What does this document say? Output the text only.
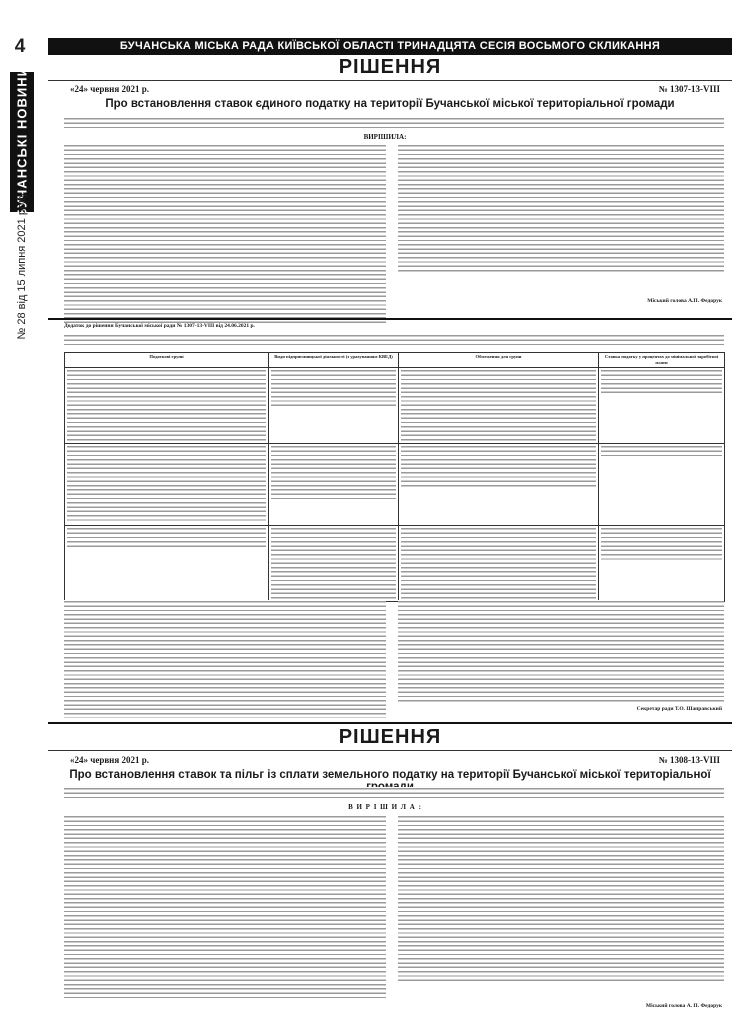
4
БУЧАНСЬКІ НОВИНИ
№ 28 від 15 липня 2021 року
БУЧАНСЬКА МІСЬКА РАДА КИЇВСЬКОЇ ОБЛАСТІ ТРИНАДЦЯТА СЕСІЯ ВОСЬМОГО СКЛИКАННЯ
РІШЕННЯ
«24» червня 2021 р.	№ 1307-13-VIII
Про встановлення ставок єдиного податку на території Бучанської міської територіальної громади
ВИРІШИЛА:
Міський голова А.П. Федорук
Додаток до рішення Бучанської міської ради № 1307-13-VIII від 24.06.2021 р.
Податкові групи	Види підприємницької діяльності (з урахуванням КВЕД)	Обмеження для групи	Ставка податку у процентах до мінімальної заробітної плати

Секретар ради Т.О. Шаправський
РІШЕННЯ
«24» червня 2021 р.	№ 1308-13-VIII
Про встановлення ставок та пільг із сплати земельного податку на території Бучанської міської територіальної
В И Р І Ш И Л А :
Міський голова А. П. Федорук
